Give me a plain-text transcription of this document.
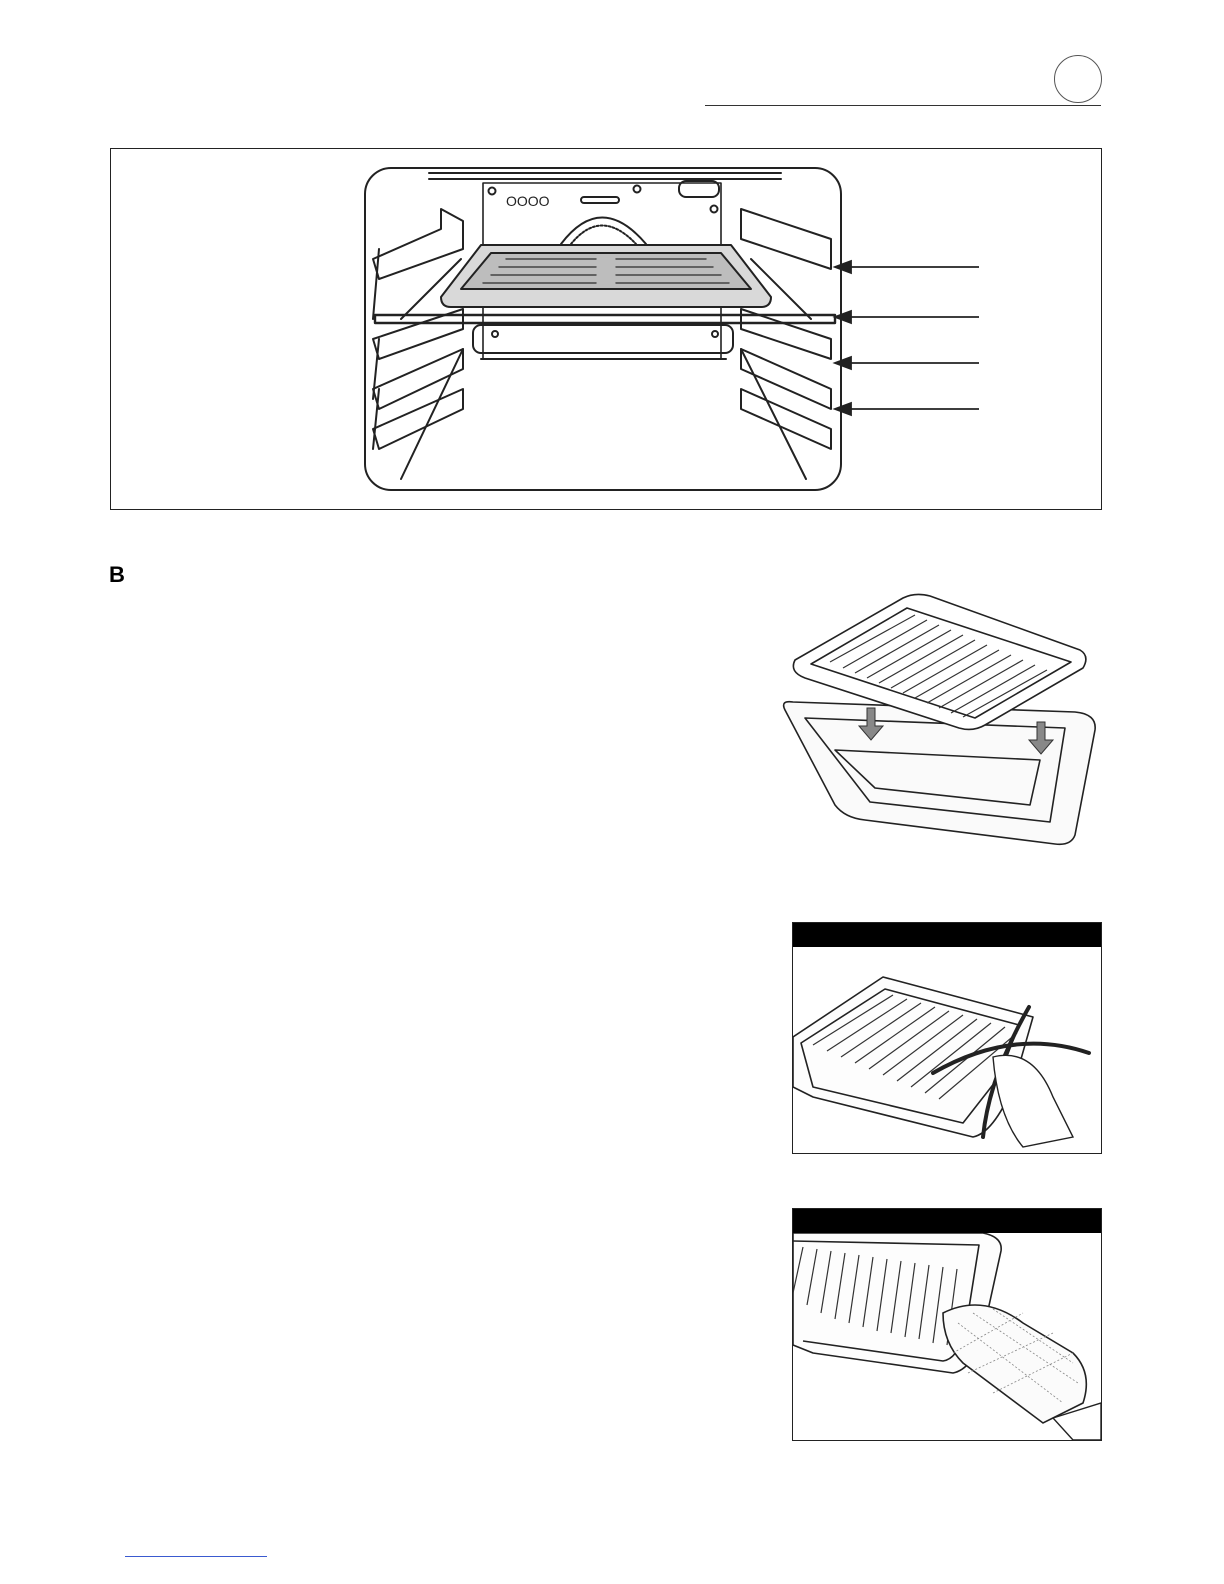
OOOO
B
